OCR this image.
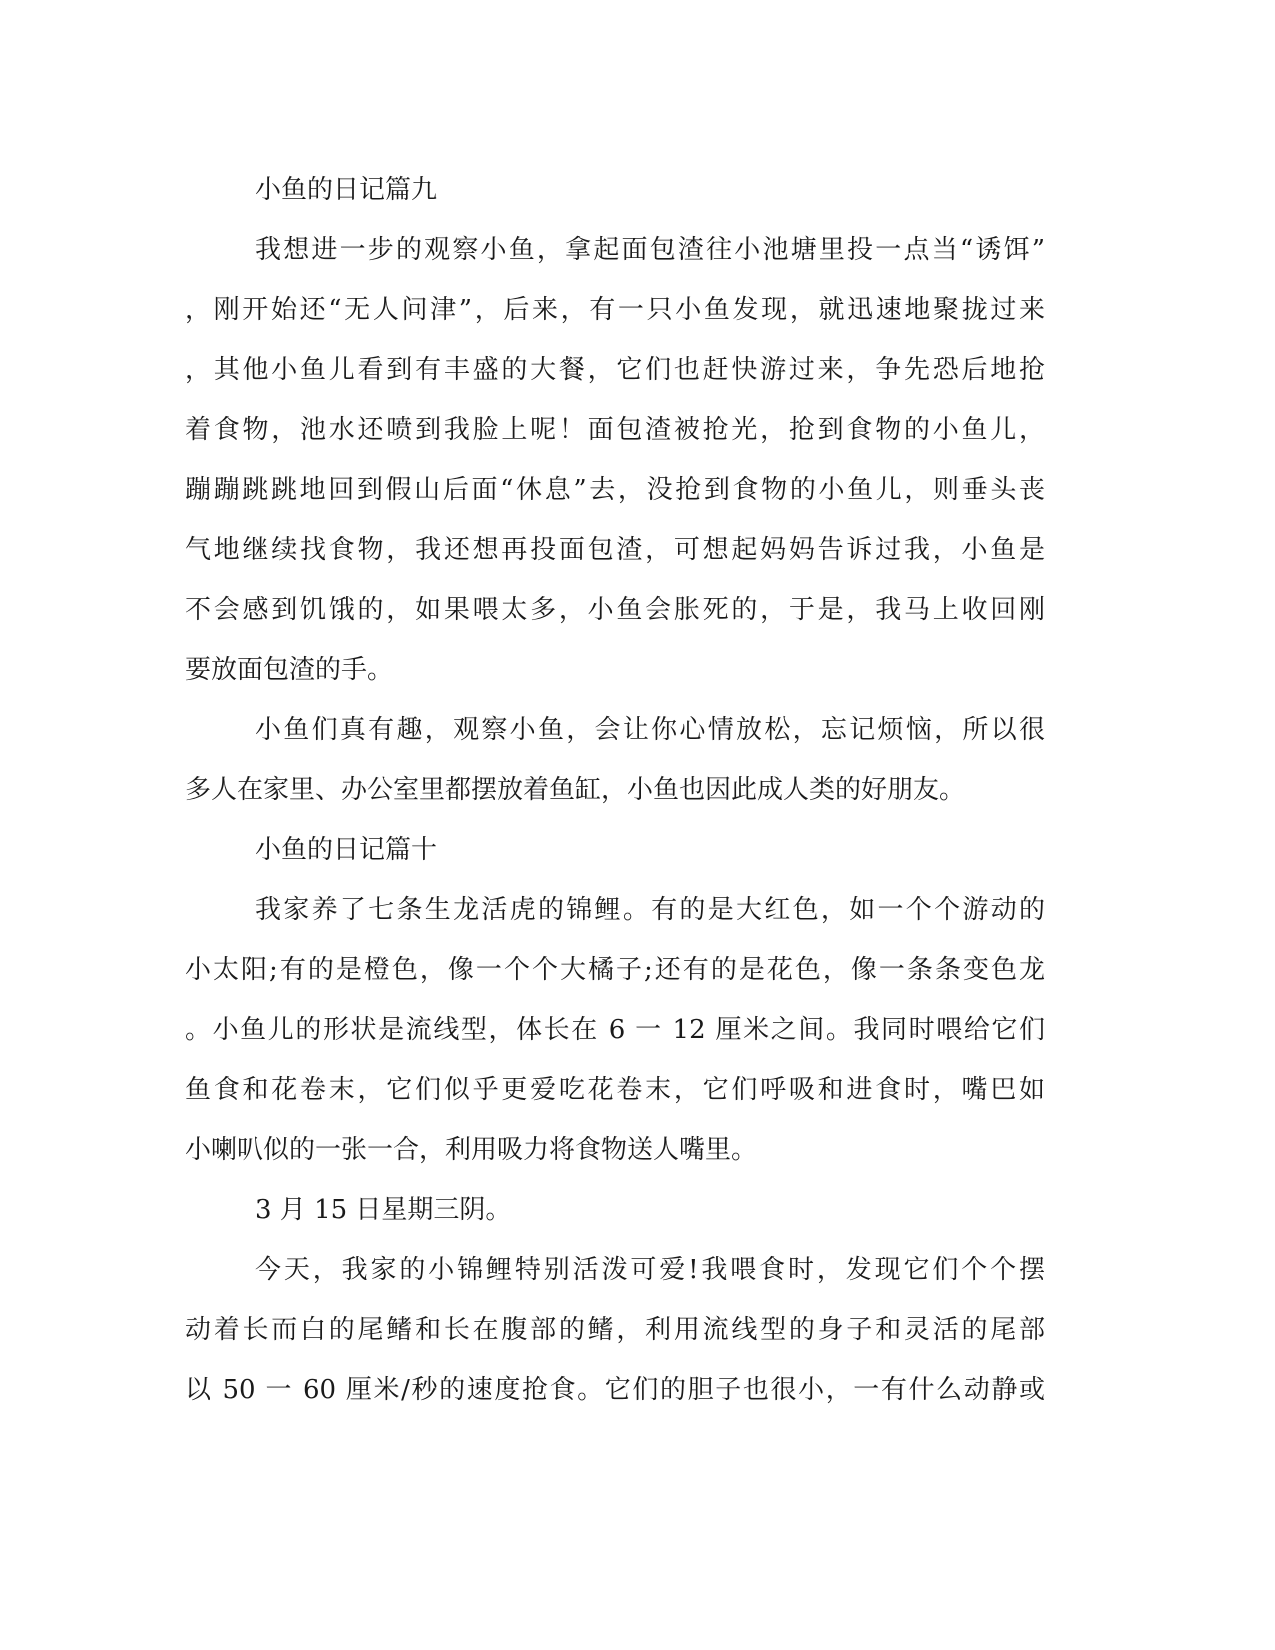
小鱼的日记篇九
我想进一步的观察小鱼，拿起面包渣往小池塘里投一点当“诱饵”
，刚开始还“无人问津”，后来，有一只小鱼发现，就迅速地聚拢过来
，其他小鱼儿看到有丰盛的大餐，它们也赶快游过来，争先恐后地抢
着食物，池水还喷到我脸上呢！面包渣被抢光，抢到食物的小鱼儿，
蹦蹦跳跳地回到假山后面“休息”去，没抢到食物的小鱼儿，则垂头丧
气地继续找食物，我还想再投面包渣，可想起妈妈告诉过我，小鱼是
不会感到饥饿的，如果喂太多，小鱼会胀死的，于是，我马上收回刚
要放面包渣的手。
小鱼们真有趣，观察小鱼，会让你心情放松，忘记烦恼，所以很
多人在家里、办公室里都摆放着鱼缸，小鱼也因此成人类的好朋友。
小鱼的日记篇十
我家养了七条生龙活虎的锦鲤。有的是大红色，如一个个游动的
小太阳;有的是橙色，像一个个大橘子;还有的是花色，像一条条变色龙
。小鱼儿的形状是流线型，体长在 6 一 12 厘米之间。我同时喂给它们
鱼食和花卷末，它们似乎更爱吃花卷末，它们呼吸和进食时，嘴巴如
小喇叭似的一张一合，利用吸力将食物送人嘴里。
3 月 15 日星期三阴。
今天，我家的小锦鲤特别活泼可爱!我喂食时，发现它们个个摆
动着长而白的尾鳍和长在腹部的鳍，利用流线型的身子和灵活的尾部
以 50 一 60 厘米/秒的速度抢食。它们的胆子也很小，一有什么动静或
